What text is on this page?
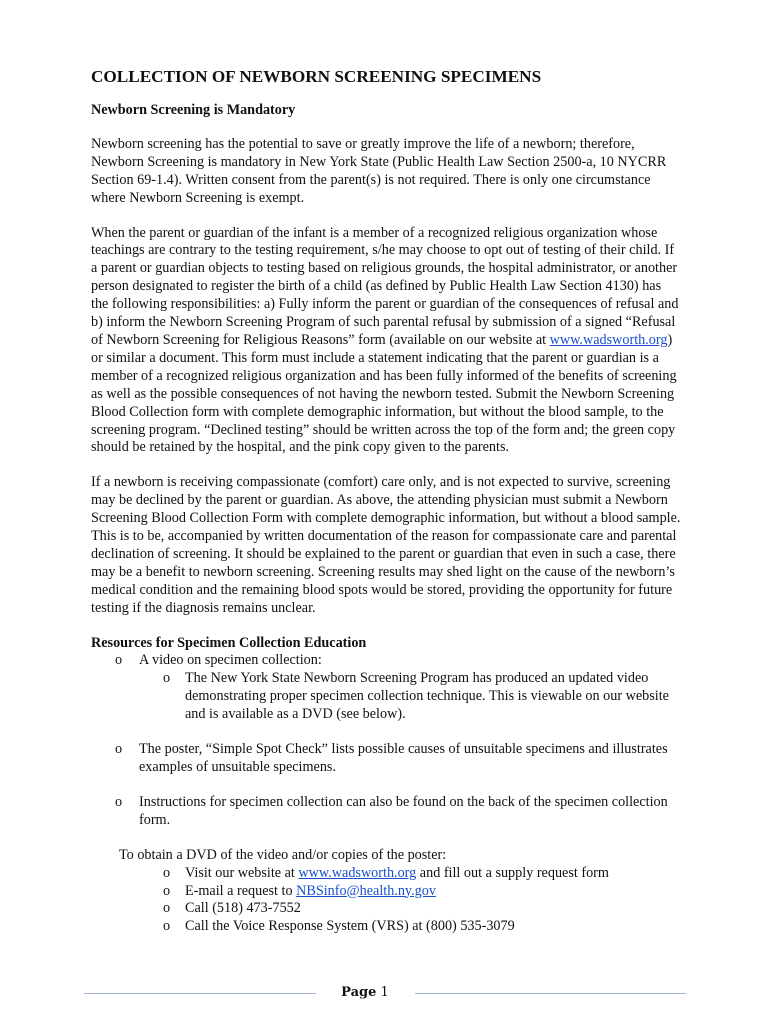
COLLECTION OF NEWBORN SCREENING SPECIMENS
Newborn Screening is Mandatory

Newborn screening has the potential to save or greatly improve the life of a newborn; therefore, Newborn Screening is mandatory in New York State (Public Health Law Section 2500-a, 10 NYCRR Section 69-1.4). Written consent from the parent(s) is not required. There is only one circumstance where Newborn Screening is exempt.

When the parent or guardian of the infant is a member of a recognized religious organization whose teachings are contrary to the testing requirement, s/he may choose to opt out of testing of their child. If a parent or guardian objects to testing based on religious grounds, the hospital administrator, or another person designated to register the birth of a child (as defined by Public Health Law Section 4130) has the following responsibilities: a) Fully inform the parent or guardian of the consequences of refusal and b) inform the Newborn Screening Program of such parental refusal by submission of a signed “Refusal of Newborn Screening for Religious Reasons” form (available on our website at www.wadsworth.org) or similar a document. This form must include a statement indicating that the parent or guardian is a member of a recognized religious organization and has been fully informed of the benefits of screening as well as the possible consequences of not having the newborn tested. Submit the Newborn Screening Blood Collection form with complete demographic information, but without the blood sample, to the screening program. “Declined testing” should be written across the top of the form and; the green copy should be retained by the hospital, and the pink copy given to the parents.

If a newborn is receiving compassionate (comfort) care only, and is not expected to survive, screening may be declined by the parent or guardian. As above, the attending physician must submit a Newborn Screening Blood Collection Form with complete demographic information, but without a blood sample. This is to be, accompanied by written documentation of the reason for compassionate care and parental declination of screening. It should be explained to the parent or guardian that even in such a case, there may be a benefit to newborn screening. Screening results may shed light on the cause of the newborn’s medical condition and the remaining blood spots would be stored, providing the opportunity for future testing if the diagnosis remains unclear.

Resources for Specimen Collection Education
o A video on specimen collection:
o The New York State Newborn Screening Program has produced an updated video demonstrating proper specimen collection technique. This is viewable on our website and is available as a DVD (see below).
o The poster, “Simple Spot Check” lists possible causes of unsuitable specimens and illustrates examples of unsuitable specimens.
o Instructions for specimen collection can also be found on the back of the specimen collection form.

To obtain a DVD of the video and/or copies of the poster:

o Visit our website at www.wadsworth.org and fill out a supply request form
o E-mail a request to NBSinfo@health.ny.gov
o Call (518) 473-7552
o Call the Voice Response System (VRS) at (800) 535-3079
Page 1
